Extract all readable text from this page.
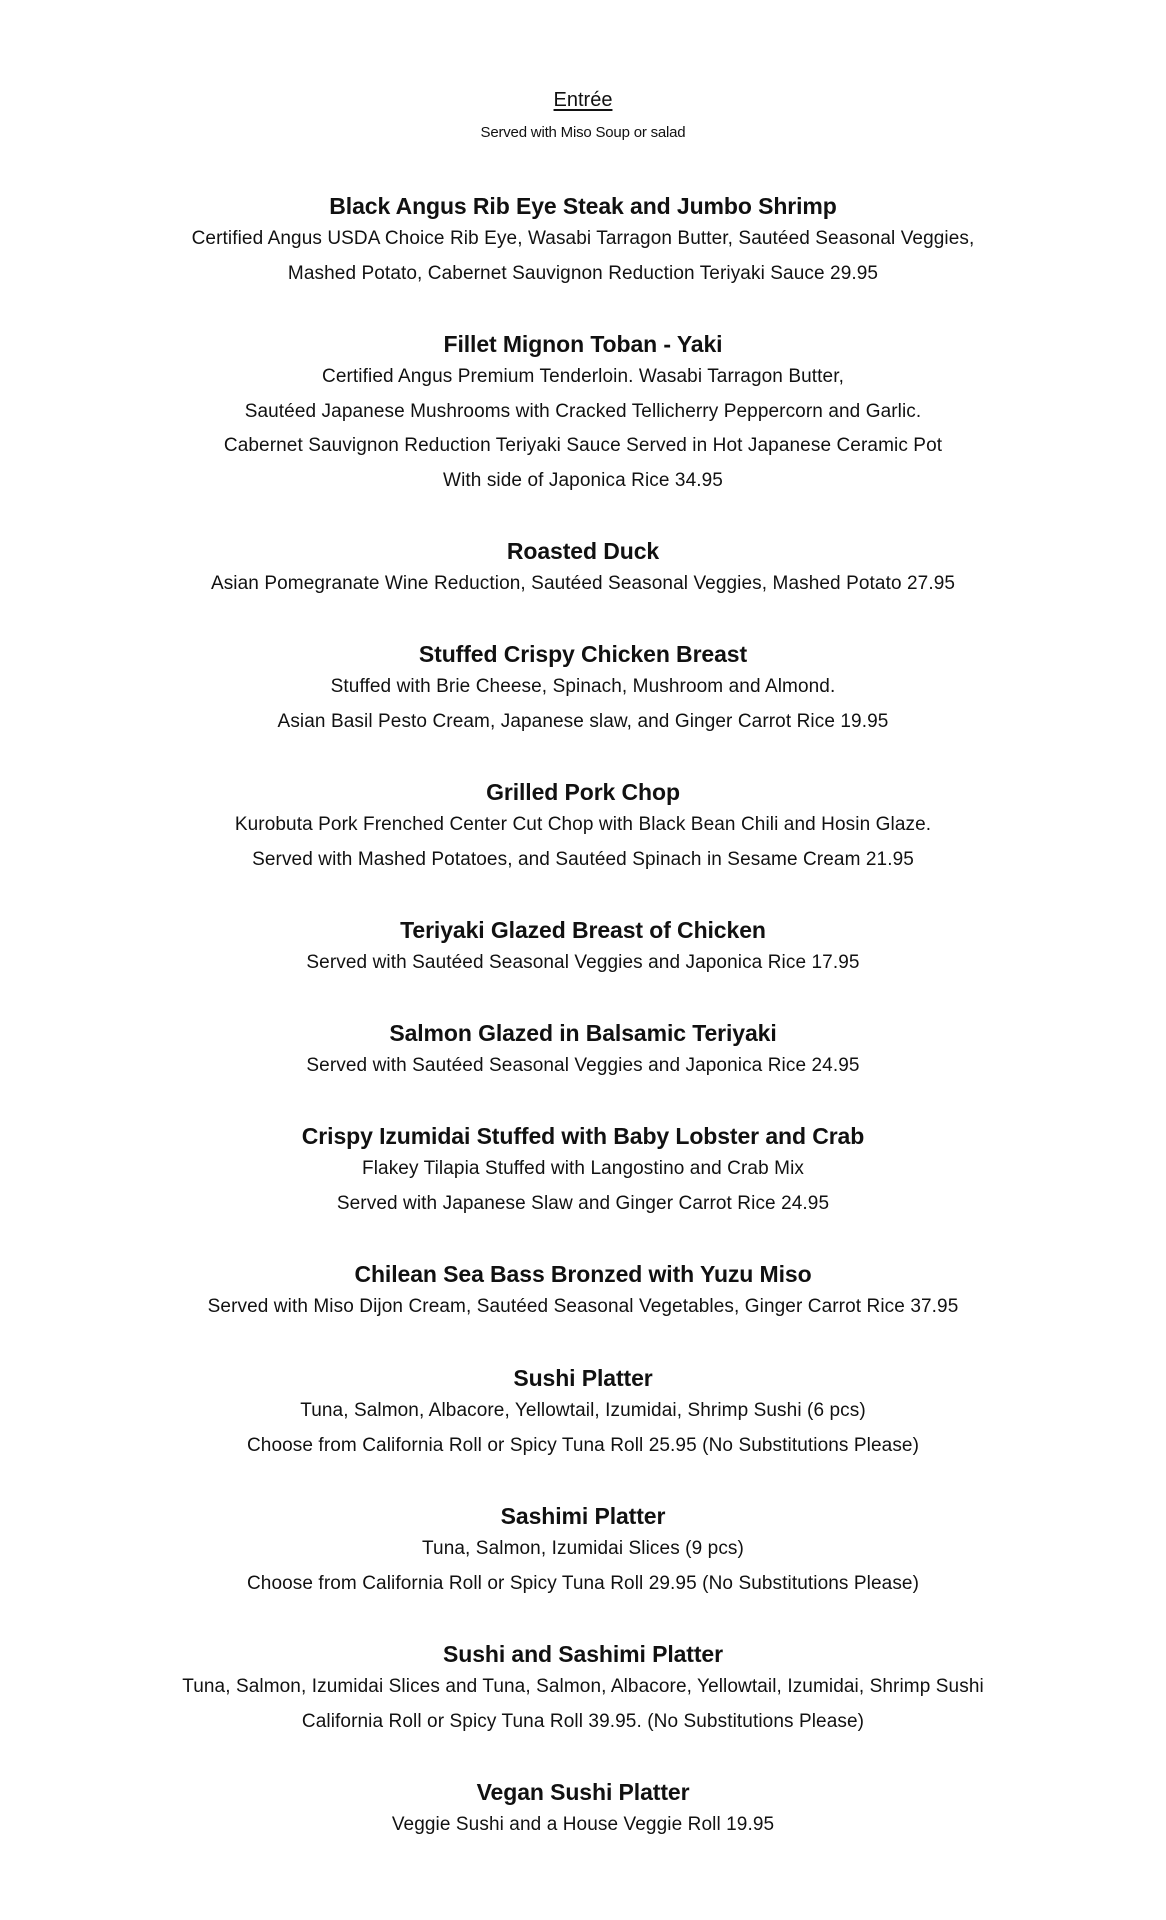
Entrée
Served with Miso Soup or salad
Black Angus Rib Eye Steak and Jumbo Shrimp
Certified Angus USDA Choice Rib Eye, Wasabi Tarragon Butter, Sautéed Seasonal Veggies,
Mashed Potato, Cabernet Sauvignon Reduction Teriyaki Sauce 29.95
Fillet Mignon Toban - Yaki
Certified Angus Premium Tenderloin. Wasabi Tarragon Butter,
Sautéed Japanese Mushrooms with Cracked Tellicherry Peppercorn and Garlic.
Cabernet Sauvignon Reduction Teriyaki Sauce Served in Hot Japanese Ceramic Pot
With side of Japonica Rice 34.95
Roasted Duck
Asian Pomegranate Wine Reduction, Sautéed Seasonal Veggies, Mashed Potato 27.95
Stuffed Crispy Chicken Breast
Stuffed with Brie Cheese, Spinach, Mushroom and Almond.
Asian Basil Pesto Cream, Japanese slaw, and Ginger Carrot Rice 19.95
Grilled Pork Chop
Kurobuta Pork Frenched Center Cut Chop with Black Bean Chili and Hosin Glaze.
Served with Mashed Potatoes, and Sautéed Spinach in Sesame Cream 21.95
Teriyaki Glazed Breast of Chicken
Served with Sautéed Seasonal Veggies and Japonica Rice 17.95
Salmon Glazed in Balsamic Teriyaki
Served with Sautéed Seasonal Veggies and Japonica Rice 24.95
Crispy Izumidai Stuffed with Baby Lobster and Crab
Flakey Tilapia Stuffed with Langostino and Crab Mix
Served with Japanese Slaw and Ginger Carrot Rice 24.95
Chilean Sea Bass Bronzed with Yuzu Miso
Served with Miso Dijon Cream, Sautéed Seasonal Vegetables, Ginger Carrot Rice 37.95
Sushi Platter
Tuna, Salmon, Albacore, Yellowtail, Izumidai, Shrimp Sushi (6 pcs)
Choose from California Roll or Spicy Tuna Roll 25.95 (No Substitutions Please)
Sashimi Platter
Tuna, Salmon, Izumidai Slices (9 pcs)
Choose from California Roll or Spicy Tuna Roll 29.95 (No Substitutions Please)
Sushi and Sashimi Platter
Tuna, Salmon, Izumidai Slices and Tuna, Salmon, Albacore, Yellowtail, Izumidai, Shrimp Sushi
California Roll or Spicy Tuna Roll 39.95. (No Substitutions Please)
Vegan Sushi Platter
Veggie Sushi and a House Veggie Roll 19.95
